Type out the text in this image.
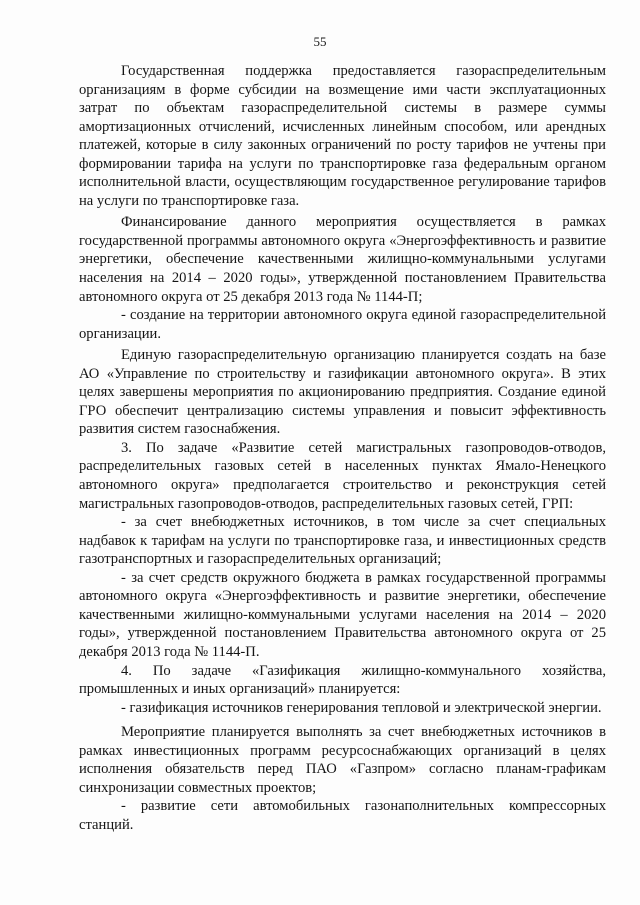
55

Государственная поддержка предоставляется газораспределительным организациям в форме субсидии на возмещение ими части эксплуатационных затрат по объектам газораспределительной системы в размере суммы амортизационных отчислений, исчисленных линейным способом, или арендных платежей, которые в силу законных ограничений по росту тарифов не учтены при формировании тарифа на услуги по транспортировке газа федеральным органом исполнительной власти, осуществляющим государственное регулирование тарифов на услуги по транспортировке газа.

Финансирование данного мероприятия осуществляется в рамках государственной программы автономного округа «Энергоэффективность и развитие энергетики, обеспечение качественными жилищно-коммунальными услугами населения на 2014 – 2020 годы», утвержденной постановлением Правительства автономного округа от 25 декабря 2013 года № 1144-П;

- создание на территории автономного округа единой газораспределительной организации.

Единую газораспределительную организацию планируется создать на базе АО «Управление по строительству и газификации автономного округа». В этих целях завершены мероприятия по акционированию предприятия. Создание единой ГРО обеспечит централизацию системы управления и повысит эффективность развития систем газоснабжения.

3. По задаче «Развитие сетей магистральных газопроводов-отводов, распределительных газовых сетей в населенных пунктах Ямало-Ненецкого автономного округа» предполагается строительство и реконструкция сетей магистральных газопроводов-отводов, распределительных газовых сетей, ГРП:

- за счет внебюджетных источников, в том числе за счет специальных надбавок к тарифам на услуги по транспортировке газа, и инвестиционных средств газотранспортных и газораспределительных организаций;

- за счет средств окружного бюджета в рамках государственной программы автономного округа «Энергоэффективность и развитие энергетики, обеспечение качественными жилищно-коммунальными услугами населения на 2014 – 2020 годы», утвержденной постановлением Правительства автономного округа от 25 декабря 2013 года № 1144-П.

4. По задаче «Газификация жилищно-коммунального хозяйства, промышленных и иных организаций» планируется:

- газификация источников генерирования тепловой и электрической энергии.

Мероприятие планируется выполнять за счет внебюджетных источников в рамках инвестиционных программ ресурсоснабжающих организаций в целях исполнения обязательств перед ПАО «Газпром» согласно планам-графикам синхронизации совместных проектов;

- развитие сети автомобильных газонаполнительных компрессорных станций.
